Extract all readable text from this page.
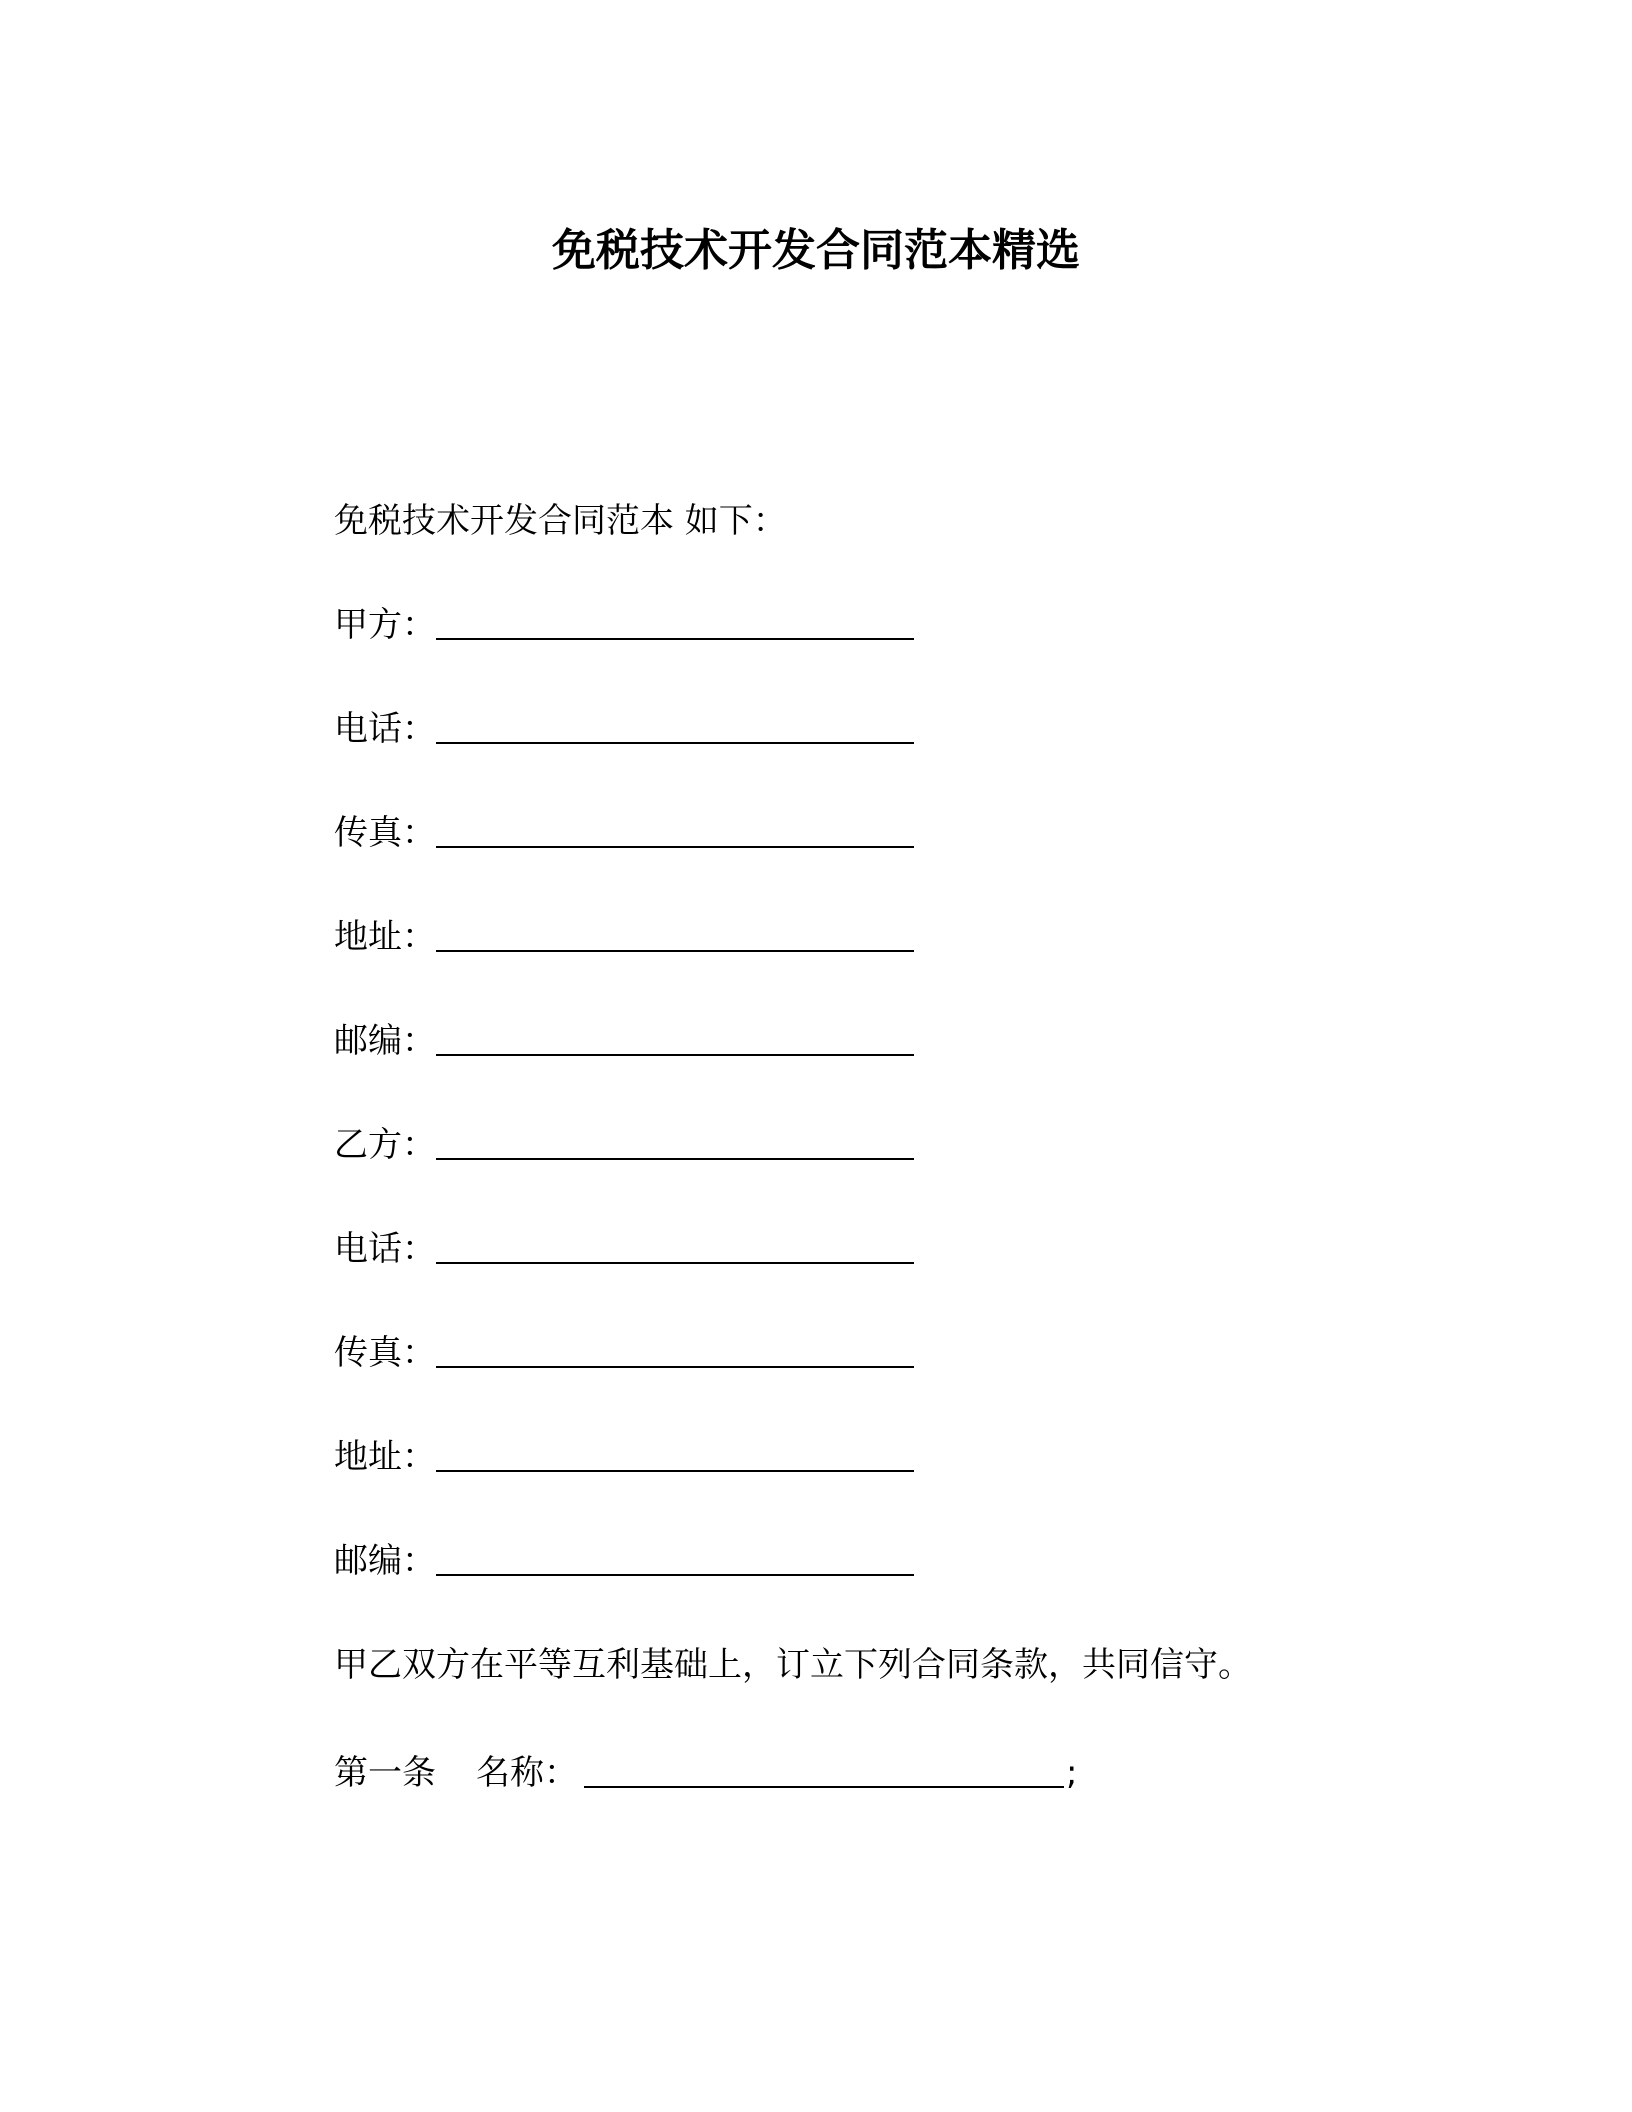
免税技术开发合同范本精选
免税技术开发合同范本 如下：
甲方：
电话：
传真：
地址：
邮编：
乙方：
电话：
传真：
地址：
邮编：
甲乙双方在平等互利基础上，订立下列合同条款，共同信守。
第一条 名称：	;
